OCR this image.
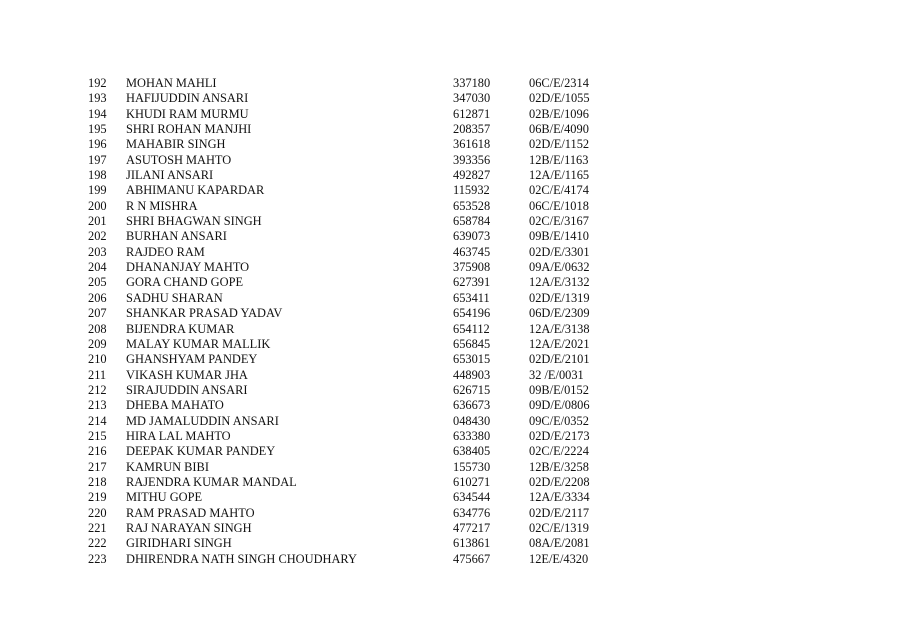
192 MOHAN MAHLI	337180	06C/E/2314
193 HAFIJUDDIN ANSARI	347030	02D/E/1055
194 KHUDI RAM MURMU	612871	02B/E/1096
195 SHRI ROHAN MANJHI	208357	06B/E/4090
196 MAHABIR SINGH	361618	02D/E/1152
197 ASUTOSH MAHTO	393356	12B/E/1163
198 JILANI ANSARI	492827	12A/E/1165
199 ABHIMANU KAPARDAR	115932	02C/E/4174
200 R N MISHRA	653528	06C/E/1018
201 SHRI BHAGWAN SINGH	658784	02C/E/3167
202 BURHAN ANSARI	639073	09B/E/1410
203 RAJDEO RAM	463745	02D/E/3301
204 DHANANJAY MAHTO	375908	09A/E/0632
205 GORA CHAND GOPE	627391	12A/E/3132
206 SADHU SHARAN	653411	02D/E/1319
207 SHANKAR PRASAD YADAV	654196	06D/E/2309
208 BIJENDRA KUMAR	654112	12A/E/3138
209 MALAY KUMAR MALLIK	656845	12A/E/2021
210 GHANSHYAM PANDEY	653015	02D/E/2101
211 VIKASH KUMAR JHA	448903	32 /E/0031
212 SIRAJUDDIN ANSARI	626715	09B/E/0152
213 DHEBA MAHATO	636673	09D/E/0806
214 MD JAMALUDDIN ANSARI	048430	09C/E/0352
215 HIRA LAL MAHTO	633380	02D/E/2173
216 DEEPAK KUMAR PANDEY	638405	02C/E/2224
217 KAMRUN BIBI	155730	12B/E/3258
218 RAJENDRA KUMAR MANDAL	610271	02D/E/2208
219 MITHU GOPE	634544	12A/E/3334
220 RAM PRASAD MAHTO	634776	02D/E/2117
221 RAJ NARAYAN SINGH	477217	02C/E/1319
222 GIRIDHARI SINGH	613861	08A/E/2081
223 DHIRENDRA NATH SINGH CHOUDHARY	475667	12E/E/4320
